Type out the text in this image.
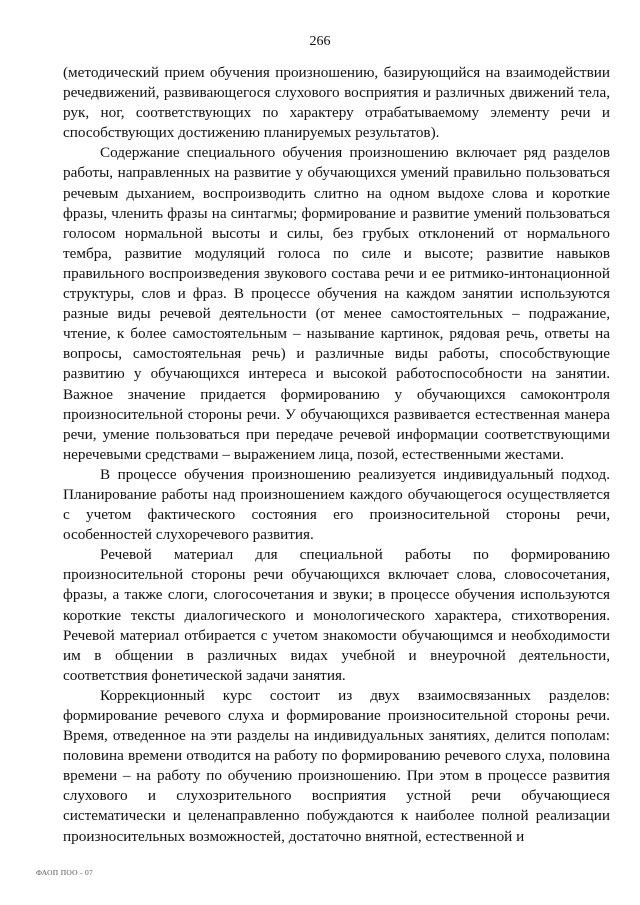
266

(методический прием обучения произношению, базирующийся на взаимодействии речедвижений, развивающегося слухового восприятия и различных движений тела, рук, ног, соответствующих по характеру отрабатываемому элементу речи и способствующих достижению планируемых результатов).

Содержание специального обучения произношению включает ряд разделов работы, направленных на развитие у обучающихся умений правильно пользоваться речевым дыханием, воспроизводить слитно на одном выдохе слова и короткие фразы, членить фразы на синтагмы; формирование и развитие умений пользоваться голосом нормальной высоты и силы, без грубых отклонений от нормального тембра, развитие модуляций голоса по силе и высоте; развитие навыков правильного воспроизведения звукового состава речи и ее ритмико-интонационной структуры, слов и фраз. В процессе обучения на каждом занятии используются разные виды речевой деятельности (от менее самостоятельных – подражание, чтение, к более самостоятельным – называние картинок, рядовая речь, ответы на вопросы, самостоятельная речь) и различные виды работы, способствующие развитию у обучающихся интереса и высокой работоспособности на занятии. Важное значение придается формированию у обучающихся самоконтроля произносительной стороны речи. У обучающихся развивается естественная манера речи, умение пользоваться при передаче речевой информации соответствующими неречевыми средствами – выражением лица, позой, естественными жестами.

В процессе обучения произношению реализуется индивидуальный подход. Планирование работы над произношением каждого обучающегося осуществляется с учетом фактического состояния его произносительной стороны речи, особенностей слухоречевого развития.

Речевой материал для специальной работы по формированию произносительной стороны речи обучающихся включает слова, словосочетания, фразы, а также слоги, слогосочетания и звуки; в процессе обучения используются короткие тексты диалогического и монологического характера, стихотворения. Речевой материал отбирается с учетом знакомости обучающимся и необходимости им в общении в различных видах учебной и внеурочной деятельности, соответствия фонетической задачи занятия.

Коррекционный курс состоит из двух взаимосвязанных разделов: формирование речевого слуха и формирование произносительной стороны речи. Время, отведенное на эти разделы на индивидуальных занятиях, делится пополам: половина времени отводится на работу по формированию речевого слуха, половина времени – на работу по обучению произношению. При этом в процессе развития слухового и слухозрительного восприятия устной речи обучающиеся систематически и целенаправленно побуждаются к наиболее полной реализации произносительных возможностей, достаточно внятной, естественной и

ФАОП ПОО - 07
